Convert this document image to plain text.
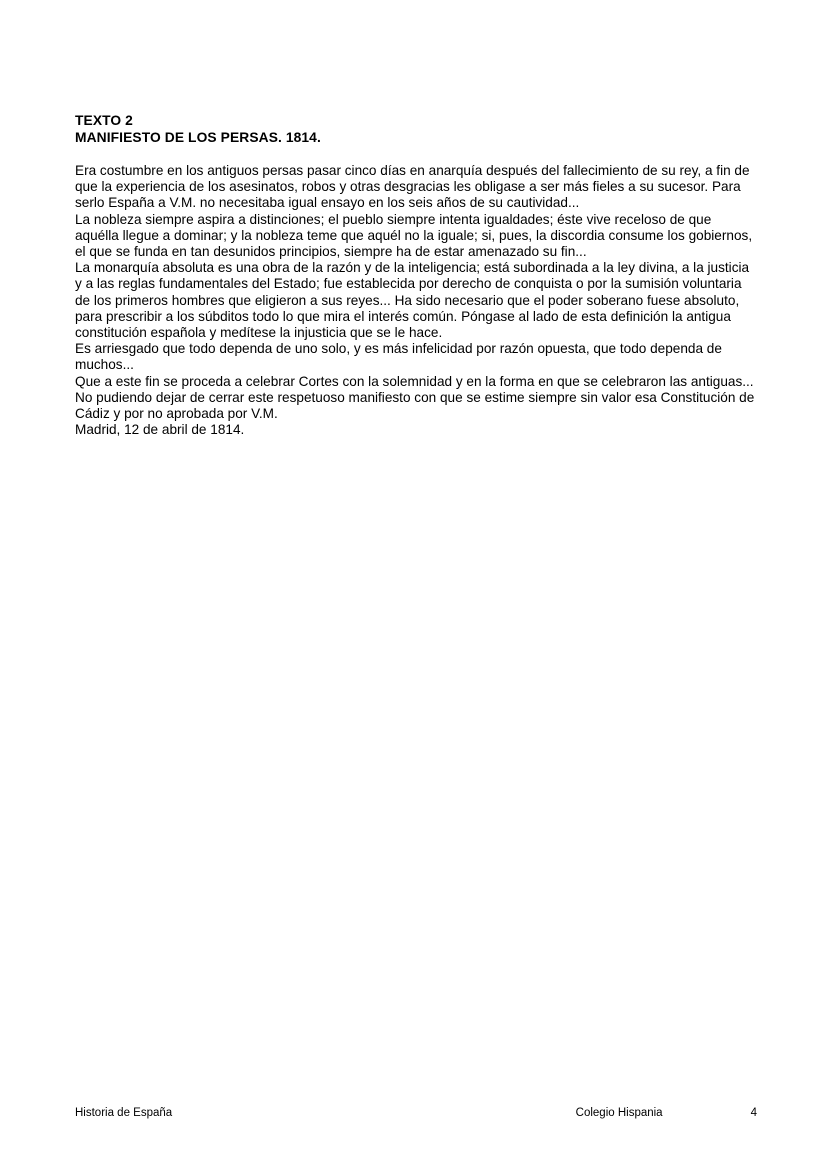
TEXTO 2
MANIFIESTO DE LOS PERSAS. 1814.

Era costumbre en los antiguos persas pasar cinco días en anarquía después del fallecimiento de su rey, a fin de que la experiencia de los asesinatos, robos y otras desgracias les obligase a ser más fieles a su sucesor. Para serlo España a V.M. no necesitaba igual ensayo en los seis años de su cautividad...

La nobleza siempre aspira a distinciones; el pueblo siempre intenta igualdades; éste vive receloso de que aquélla llegue a dominar; y la nobleza teme que aquél no la iguale; si, pues, la discordia consume los gobiernos, el que se funda en tan desunidos principios, siempre ha de estar amenazado su fin...

La monarquía absoluta es una obra de la razón y de la inteligencia; está subordinada a la ley divina, a la justicia y a las reglas fundamentales del Estado; fue establecida por derecho de conquista o por la sumisión voluntaria de los primeros hombres que eligieron a sus reyes... Ha sido necesario que el poder soberano fuese absoluto, para prescribir a los súbditos todo lo que mira el interés común. Póngase al lado de esta definición la antigua constitución española y medítese la injusticia que se le hace.

Es arriesgado que todo dependa de uno solo, y es más infelicidad por razón opuesta, que todo dependa de muchos...

Que a este fin se proceda a celebrar Cortes con la solemnidad y en la forma en que se celebraron las antiguas... No pudiendo dejar de cerrar este respetuoso manifiesto con que se estime siempre sin valor esa Constitución de Cádiz y por no aprobada por V.M.

Madrid, 12 de abril de 1814.

Historia de España	Colegio Hispania	4
